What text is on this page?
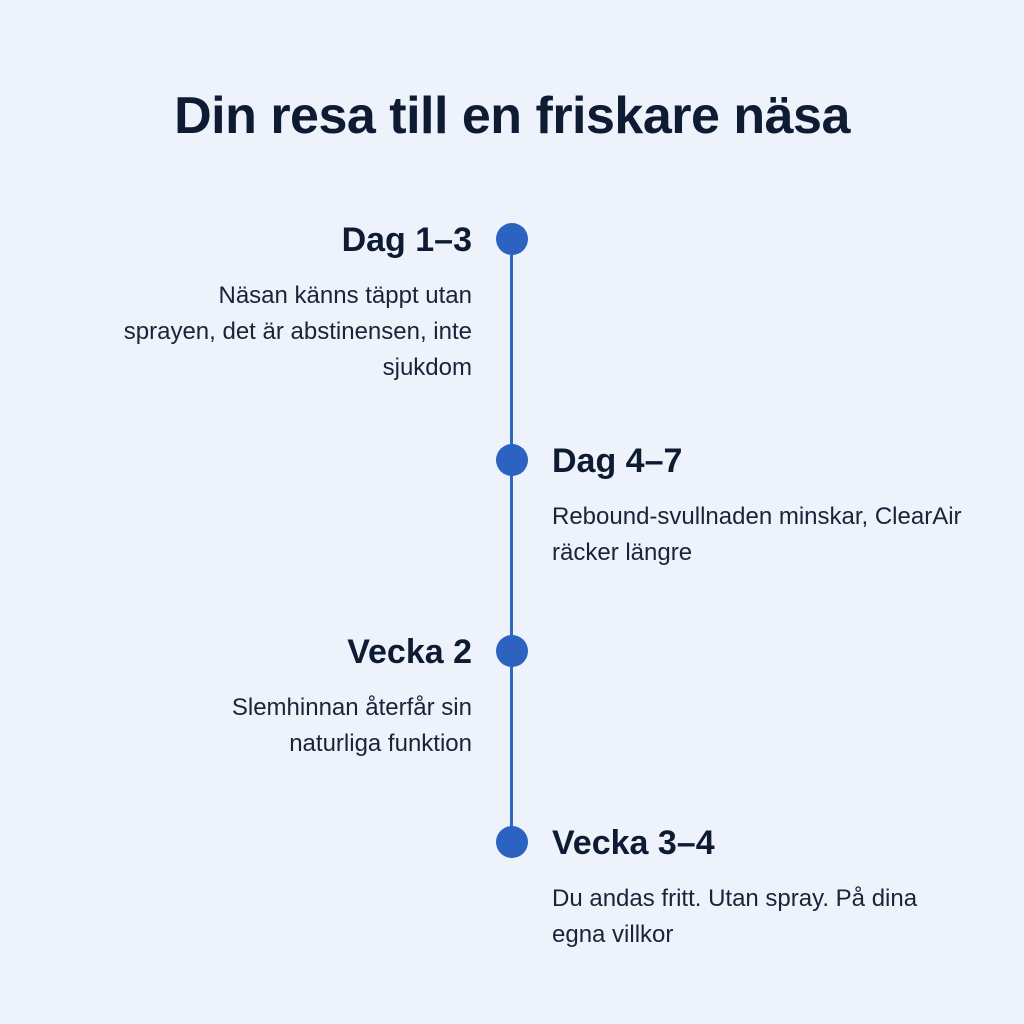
Din resa till en friskare näsa
Dag 1–3

Näsan känns täppt utan sprayen, det är abstinensen, inte sjukdom

Dag 4–7

Rebound-svullnaden minskar, ClearAir räcker längre

Vecka 2

Slemhinnan återfår sin naturliga funktion

Vecka 3–4

Du andas fritt. Utan spray. På dina egna villkor
